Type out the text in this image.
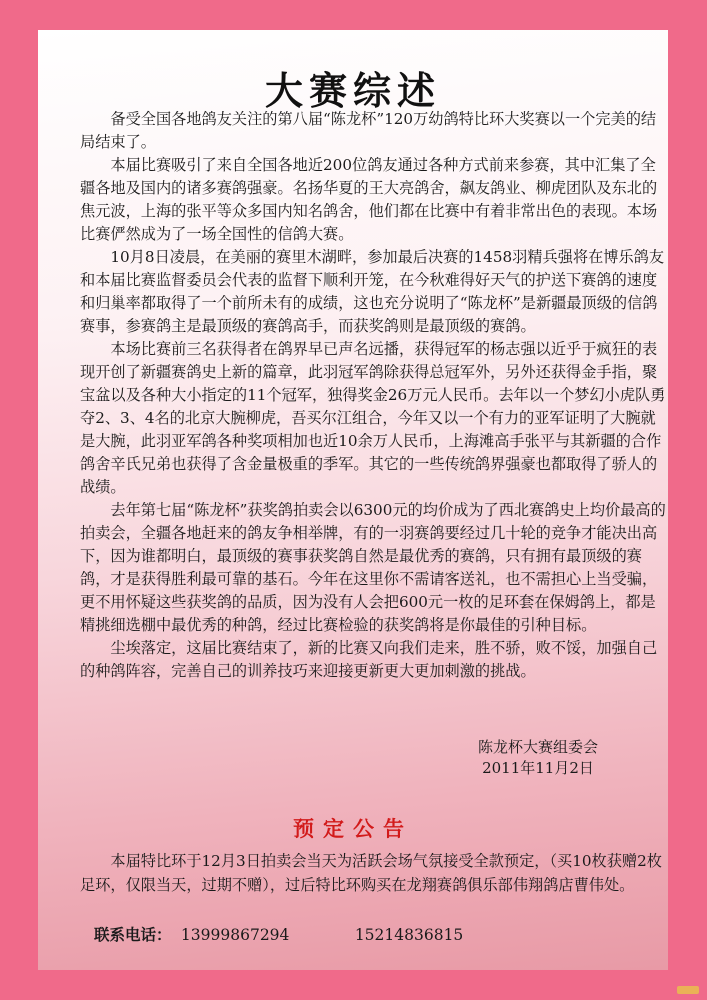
大赛综述

备受全国各地鸽友关注的第八届“陈龙杯”120万幼鸽特比环大奖赛以一个完美的结局结束了。

本届比赛吸引了来自全国各地近200位鸽友通过各种方式前来参赛，其中汇集了全疆各地及国内的诸多赛鸽强豪。名扬华夏的王大亮鸽舍，飙友鸽业、柳虎团队及东北的焦元波，上海的张平等众多国内知名鸽舍，他们都在比赛中有着非常出色的表现。本场比赛俨然成为了一场全国性的信鸽大赛。

10月8日凌晨，在美丽的赛里木湖畔，参加最后决赛的1458羽精兵强将在博乐鸽友和本届比赛监督委员会代表的监督下顺利开笼，在今秋难得好天气的护送下赛鸽的速度和归巢率都取得了一个前所未有的成绩，这也充分说明了“陈龙杯”是新疆最顶级的信鸽赛事，参赛鸽主是最顶级的赛鸽高手，而获奖鸽则是最顶级的赛鸽。

本场比赛前三名获得者在鸽界早已声名远播，获得冠军的杨志强以近乎于疯狂的表现开创了新疆赛鸽史上新的篇章，此羽冠军鸽除获得总冠军外，另外还获得金手指，聚宝盆以及各种大小指定的11个冠军，独得奖金26万元人民币。去年以一个梦幻小虎队勇夺2、3、4名的北京大腕柳虎，吾买尔江组合，今年又以一个有力的亚军证明了大腕就是大腕，此羽亚军鸽各种奖项相加也近10余万人民币，上海滩高手张平与其新疆的合作鸽舍辛氏兄弟也获得了含金量极重的季军。其它的一些传统鸽界强豪也都取得了骄人的战绩。

去年第七届“陈龙杯”获奖鸽拍卖会以6300元的均价成为了西北赛鸽史上均价最高的拍卖会，全疆各地赶来的鸽友争相举牌，有的一羽赛鸽要经过几十轮的竞争才能决出高下，因为谁都明白，最顶级的赛事获奖鸽自然是最优秀的赛鸽，只有拥有最顶级的赛鸽，才是获得胜利最可靠的基石。今年在这里你不需请客送礼，也不需担心上当受骗，更不用怀疑这些获奖鸽的品质，因为没有人会把600元一枚的足环套在保姆鸽上，都是精挑细选棚中最优秀的种鸽，经过比赛检验的获奖鸽将是你最佳的引种目标。

尘埃落定，这届比赛结束了，新的比赛又向我们走来，胜不骄，败不馁，加强自己的种鸽阵容，完善自己的训养技巧来迎接更新更大更加刺激的挑战。

陈龙杯大赛组委会
2011年11月2日
预定公告

本届特比环于12月3日拍卖会当天为活跃会场气氛接受全款预定，（买10枚获赠2枚足环，仅限当天，过期不赠），过后特比环购买在龙翔赛鸽俱乐部伟翔鸽店曹伟处。

联系电话： 13999867294	15214836815
